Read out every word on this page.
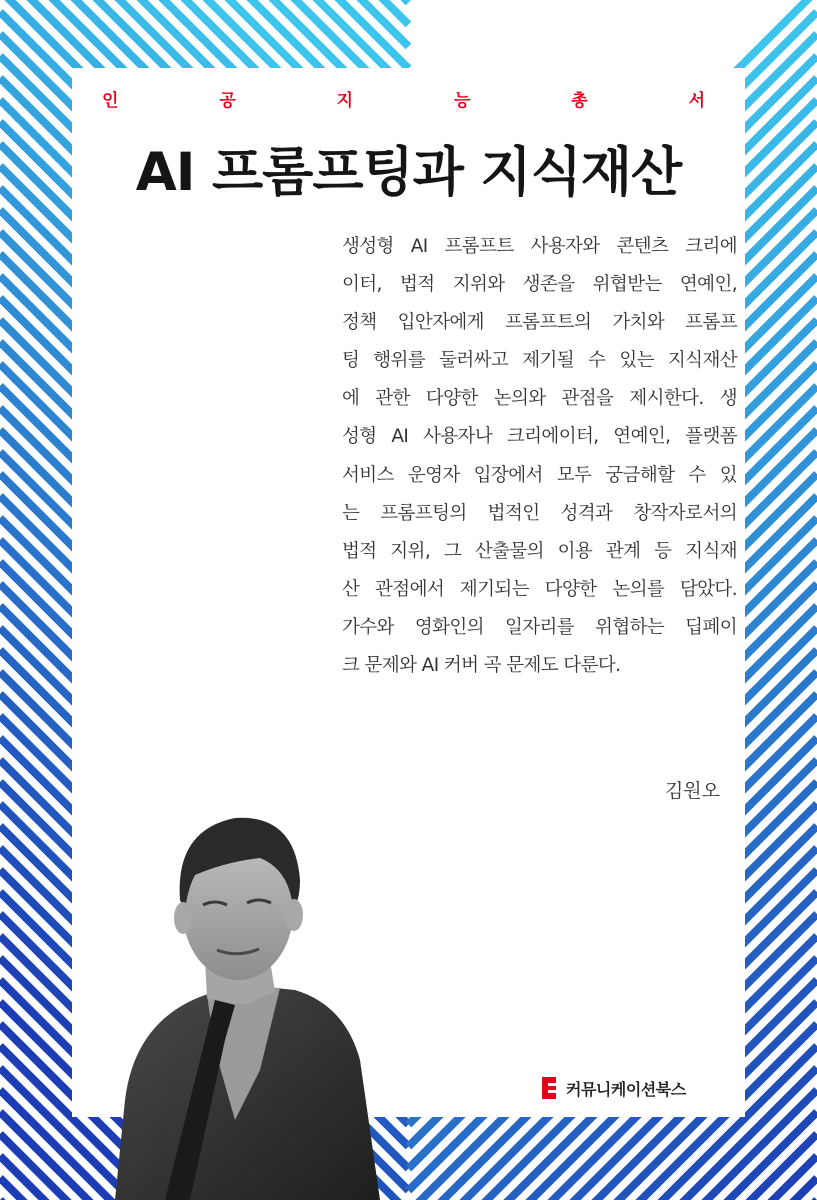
인	공	지	능	총	서
AI 프롬프팅과 지식재산

생성형 AI 프롬프트 사용자와 콘텐츠 크리에
이터, 법적 지위와 생존을 위협받는 연예인,
정책 입안자에게 프롬프트의 가치와 프롬프
팅 행위를 둘러싸고 제기될 수 있는 지식재산
에 관한 다양한 논의와 관점을 제시한다. 생
성형 AI 사용자나 크리에이터, 연예인, 플랫폼
서비스 운영자 입장에서 모두 궁금해할 수 있
는 프롬프팅의 법적인 성격과 창작자로서의
법적 지위, 그 산출물의 이용 관계 등 지식재
산 관점에서 제기되는 다양한 논의를 담았다.
가수와 영화인의 일자리를 위협하는 딥페이
크 문제와 AI 커버 곡 문제도 다룬다.

김원오
커뮤니케이션북스
